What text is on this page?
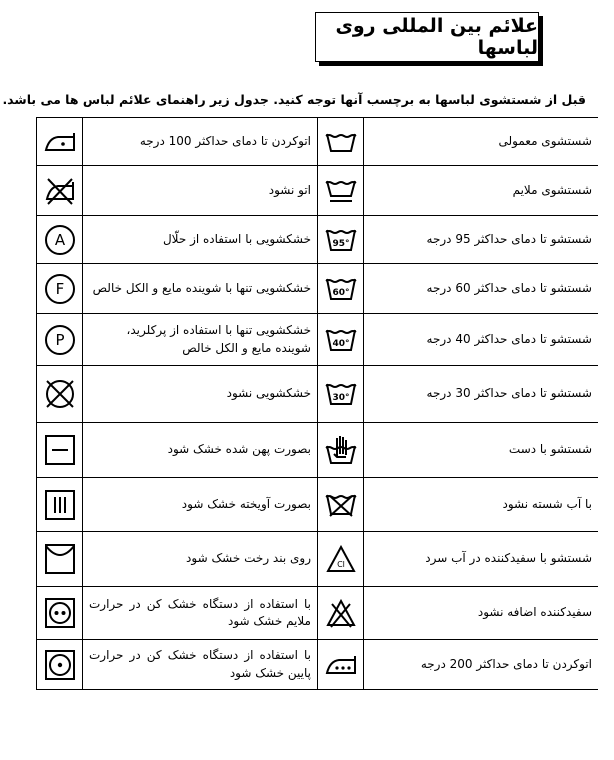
علائم بین المللی روی لباسها
قبل از شستشوی لباسها به برچسب آنها توجه کنید. جدول زیر راهنمای علائم لباس ها می باشد.
	اتوکردن تا دمای حداکثر 100 درجه		شستشوی معمولی

	اتو نشود		شستشوی ملایم

A	خشکشویی با استفاده از حلّال	95°	شستشو تا دمای حداکثر 95 درجه

F	خشکشویی تنها با شوینده مایع و الکل خالص	60°	شستشو تا دمای حداکثر 60 درجه

P	خشکشویی تنها با استفاده از پرکلرید، شوینده مایع و الکل خالص	40°	شستشو تا دمای حداکثر 40 درجه

	خشکشویی نشود	30°	شستشو تا دمای حداکثر 30 درجه

	بصورت پهن شده خشک شود		شستشو با دست

	بصورت آویخته خشک شود		با آب شسته نشود

	روی بند رخت خشک شود	Cl	شستشو با سفیدکننده در آب سرد

	با استفاده از دستگاه خشک کن در حرارت ملایم خشک شود		سفیدکننده اضافه نشود

	با استفاده از دستگاه خشک کن در حرارت پایین خشک شود		اتوکردن تا دمای حداکثر 200 درجه
